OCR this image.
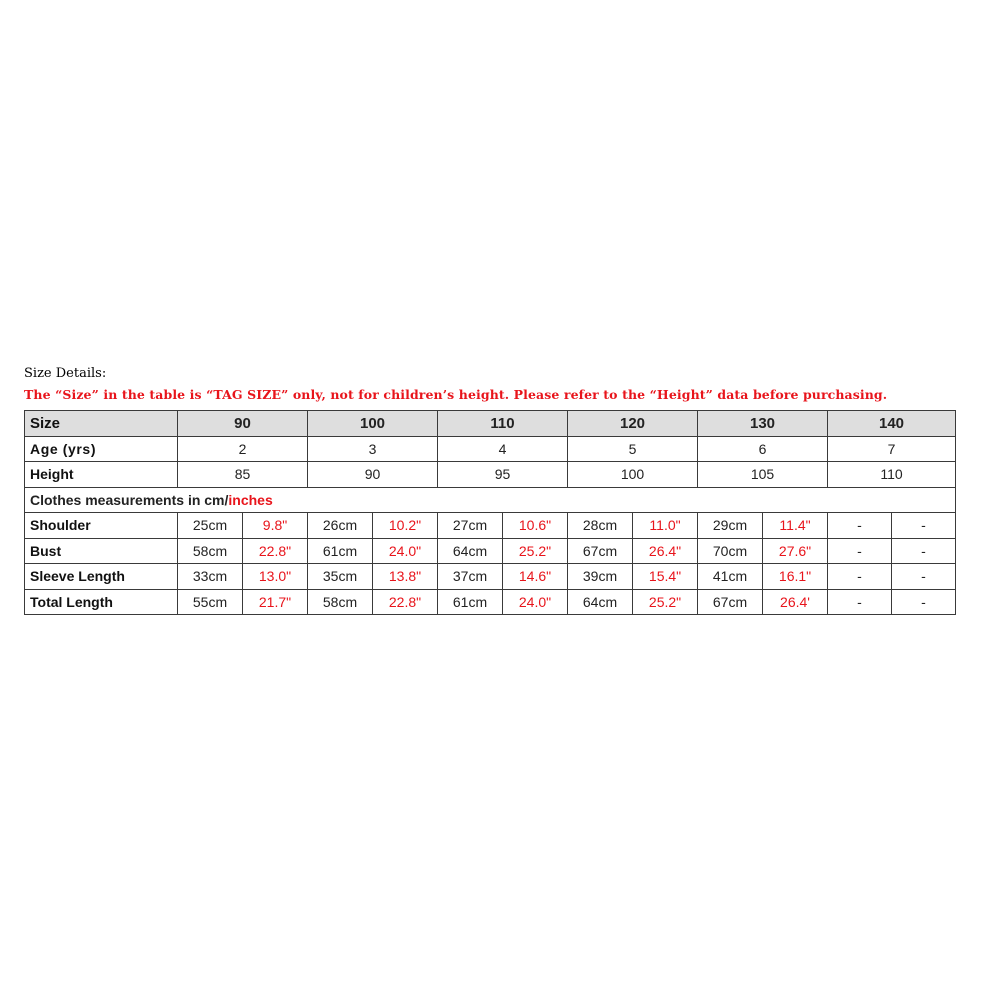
Size Details:
The “Size” in the table is “TAG SIZE” only, not for children’s height. Please refer to the “Height” data before purchasing.
Size	90		100		110		120		130		140	
Age (yrs)	2		3		4		5		6		7	
Height	85		90		95		100		105		110	
Clothes measurements in cm/inches												
Shoulder	25cm	9.8"	26cm	10.2"	27cm	10.6"	28cm	11.0"	29cm	11.4"	-	-
Bust	58cm	22.8"	61cm	24.0"	64cm	25.2"	67cm	26.4"	70cm	27.6"	-	-
Sleeve Length	33cm	13.0"	35cm	13.8"	37cm	14.6"	39cm	15.4"	41cm	16.1"	-	-
Total Length	55cm	21.7"	58cm	22.8"	61cm	24.0"	64cm	25.2"	67cm	26.4'	-	-
